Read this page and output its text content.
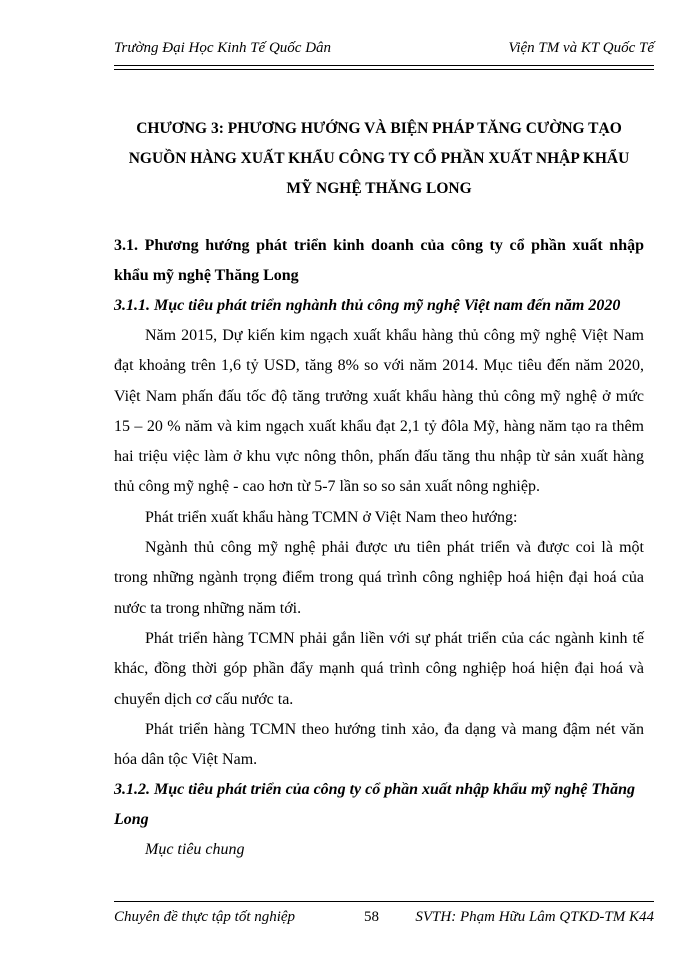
Trường Đại Học Kinh Tế Quốc Dân	Viện TM và KT Quốc Tế

CHƯƠNG 3: PHƯƠNG HƯỚNG VÀ BIỆN PHÁP TĂNG CƯỜNG TẠO NGUỒN HÀNG XUẤT KHẨU CÔNG TY CỔ PHẦN XUẤT NHẬP KHẨU MỸ NGHỆ THĂNG LONG

3.1. Phương hướng phát triển kinh doanh của công ty cổ phần xuất nhập khẩu mỹ nghệ Thăng Long

3.1.1. Mục tiêu phát triển nghành thủ công mỹ nghệ Việt nam đến năm 2020

Năm 2015, Dự kiến kim ngạch xuất khẩu hàng thủ công mỹ nghệ Việt Nam đạt khoảng trên 1,6 tỷ USD, tăng 8% so với năm 2014. Mục tiêu đến năm 2020, Việt Nam phấn đấu tốc độ tăng trưởng xuất khẩu hàng thủ công mỹ nghệ ở mức 15 – 20 % năm và kim ngạch xuất khẩu đạt 2,1 tỷ đôla Mỹ, hàng năm tạo ra thêm hai triệu việc làm ở khu vực nông thôn, phấn đấu tăng thu nhập từ sản xuất hàng thủ công mỹ nghệ - cao hơn từ 5-7 lần so so sản xuất nông nghiệp.

Phát triển xuất khẩu hàng TCMN ở Việt Nam theo hướng:

Ngành thủ công mỹ nghệ phải được ưu tiên phát triển và được coi là một trong những ngành trọng điểm trong quá trình công nghiệp hoá hiện đại hoá của nước ta trong những năm tới.

Phát triển hàng TCMN phải gắn liền với sự phát triển của các ngành kinh tế khác, đồng thời góp phần đẩy mạnh quá trình công nghiệp hoá hiện đại hoá và chuyển dịch cơ cấu nước ta.

Phát triển hàng TCMN theo hướng tinh xảo, đa dạng và mang đậm nét văn hóa dân tộc Việt Nam.

3.1.2. Mục tiêu phát triển của công ty cổ phần xuất nhập khẩu mỹ nghệ Thăng Long

Mục tiêu chung

Chuyên đề thực tập tốt nghiệp	58 SVTH: Phạm Hữu Lâm QTKD-TM K44
